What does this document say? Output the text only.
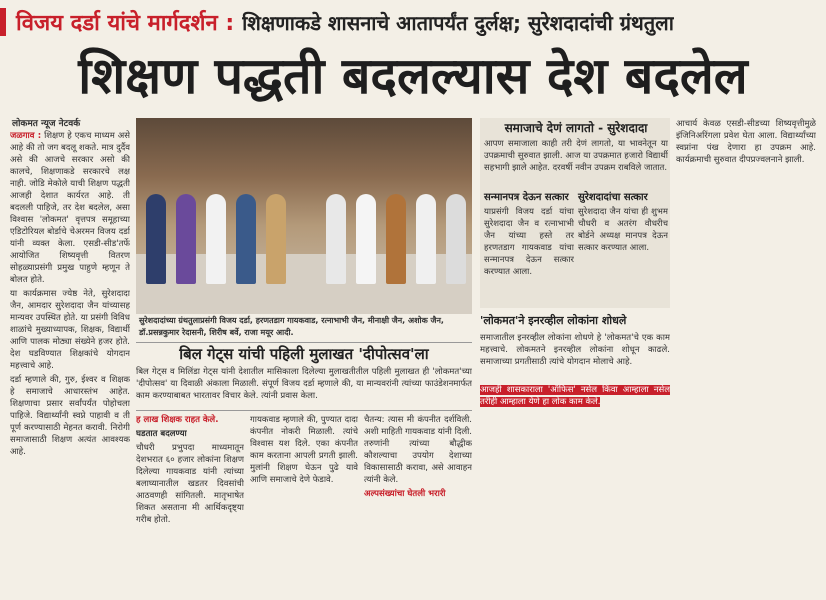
विजय दर्डा यांचे मार्गदर्शन : शिक्षणाकडे शासनाचे आतापर्यंत दुर्लक्ष; सुरेशदादांची ग्रंथतुला
शिक्षण पद्धती बदलल्यास देश बदलेल
लोकमत न्यूज नेटवर्क

जळगाव : शिक्षण हे एकच माध्यम असे आहे की तो जग बदलू शकते. मात्र दुर्दैव असे की आजचे सरकार असो की कालचे, शिक्षणाकडे सरकारचे लक्ष नाही. जोडि मेकोले याची शिक्षण पद्धती आजही देशात कार्यरत आहे. ती बदलली पाहिजे, तर देश बदलेल, असा विश्वास 'लोकमत' वृत्तपत्र समूहाच्या एडिटोरियल बोर्डाचे चेअरमन विजय दर्डा यांनी व्यक्त केला. एसडी-सीड'तर्फे आयोजित शिष्यवृत्ती वितरण सोहळ्याप्रसंगी प्रमुख पाहुणे म्हणून ते बोलत होते.

या कार्यक्रमास ज्येष्ठ नेते, सुरेशदादा जैन, आमदार सुरेशदादा जैन यांच्यासह मान्यवर उपस्थित होते. या प्रसंगी विविध शाळांचे मुख्याध्यापक, शिक्षक, विद्यार्थी आणि पालक मोठ्या संख्येने हजर होते. देश घडविण्यात शिक्षकांचे योगदान महत्त्वाचे आहे.

दर्डा म्हणाले की, गुरु, ईश्वर व शिक्षक हे समाजाचे आधारस्तंभ आहेत. शिक्षणाचा प्रसार सर्वांपर्यंत पोहोचला पाहिजे. विद्यार्थ्यांनी स्वप्ने पाहावी व ती पूर्ण करण्यासाठी मेहनत करावी. निरोगी समाजासाठी शिक्षण अत्यंत आवश्यक आहे.

सुरेशदादांच्या ग्रंथतुलाप्रसंगी विजय दर्डा, हरणतडाग गायकवाड, रत्नाभाभी जैन, मीनाक्षी जैन, अशोक जैन, डॉ.प्रसन्नकुमार रेदासनी, शिरीष बर्वे, राजा मयूर आदी.
बिल गेट्स यांची पहिली मुलाखत 'दीपोत्सव'ला
बिल गेट्स व मिलिंडा गेट्स यांनी देशातील मासिकाला दिलेल्या मुलाखतीतील पहिली मुलाखत ही 'लोकमत'च्या 'दीपोत्सव' या दिवाळी अंकाला मिळाली. संपूर्ण विजय दर्डा म्हणाले की, या मान्यवरांनी त्यांच्या फाउंडेशनमार्फत काम करण्याबाबत भारतावर विचार केले. त्यांनी प्रवास केला.

ह लाख शिक्षक राहत केले.

घडतात बदलण्या

चौधरी प्रभुपदा माध्यमातून देशभरात ६० हजार लोकांना शिक्षण दिलेल्या गायकवाड यांनी त्यांच्या बलाघ्यानातील खडतर दिवसांची आठवणही सांगितली. मातृभाषेत शिकत असताना मी आर्थिकदृष्ट्या गरीब होतो.

गायकवाड म्हणाले की, पुण्यात दादा कंपनीत नोकरी मिळाली. त्यांचे विश्वास यश दिले. एका कंपनीत काम करताना आपली प्रगती झाली. मुलांनी शिक्षण घेऊन पुढे यावे आणि समाजाचे देणे फेडावे.

चैतन्य: त्यास मी कंपनीत दर्शविली. अशी माहिती गायकवाड यांनी दिली. तरुणांनी त्यांच्या बौद्धीक कौशल्याचा उपयोग देशाच्या विकासासाठी करावा, असे आवाहन त्यांनी केले.

अल्पसंख्यांचा घेतली भरारी

समाजाचे देणं लागतो - सुरेशदादा
आपण समाजाला काही तरी देणं लागतो, या भावनेतून या उपक्रमाची सुरुवात झाली. आज या उपक्रमात हजारो विद्यार्थी सहभागी झाले आहेत. दरवर्षी नवीन उपक्रम राबविले जातात.
सन्मानपत्र देऊन सत्कार
याप्रसंगी विजय दर्डा यांचा सुरेशदादा जैन व रत्नाभाभी जैन यांच्या हस्ते तर हरणतडाग गायकवाड यांचा सन्मानपत्र देऊन सत्कार करण्यात आला.
सुरेशदादांचा सत्कार
सुरेशदादा जैन यांचा ही शुभम चौधरी व अतरंग वौधरीच बोर्डने अध्यक्ष मानपत्र देऊन सत्कार करण्यात आला.
आचार्य केवळ एसडी-सीडच्या शिष्यवृत्तीमुळे इंजिनिअरिंगला प्रवेश घेता आला. विद्यार्थ्यांच्या स्वप्नांना पंख देणारा हा उपक्रम आहे. कार्यक्रमाची सुरुवात दीपप्रज्वलनाने झाली.
'लोकमत'ने इनरव्हील लोकांना शोधले
समाजातील इनरव्हील लोकांना शोधणे हे 'लोकमत'चे एक काम महत्त्वाचे. लोकमतने इनरव्हील लोकांना शोधून काढले. समाजाच्या प्रगतीसाठी त्यांचे योगदान मोलाचे आहे.
आजही शासकाराला 'ऑफिस' नसेल किंवा आम्हाला नसेल तरीही आम्हाला येणे हा लोक काम केले.
